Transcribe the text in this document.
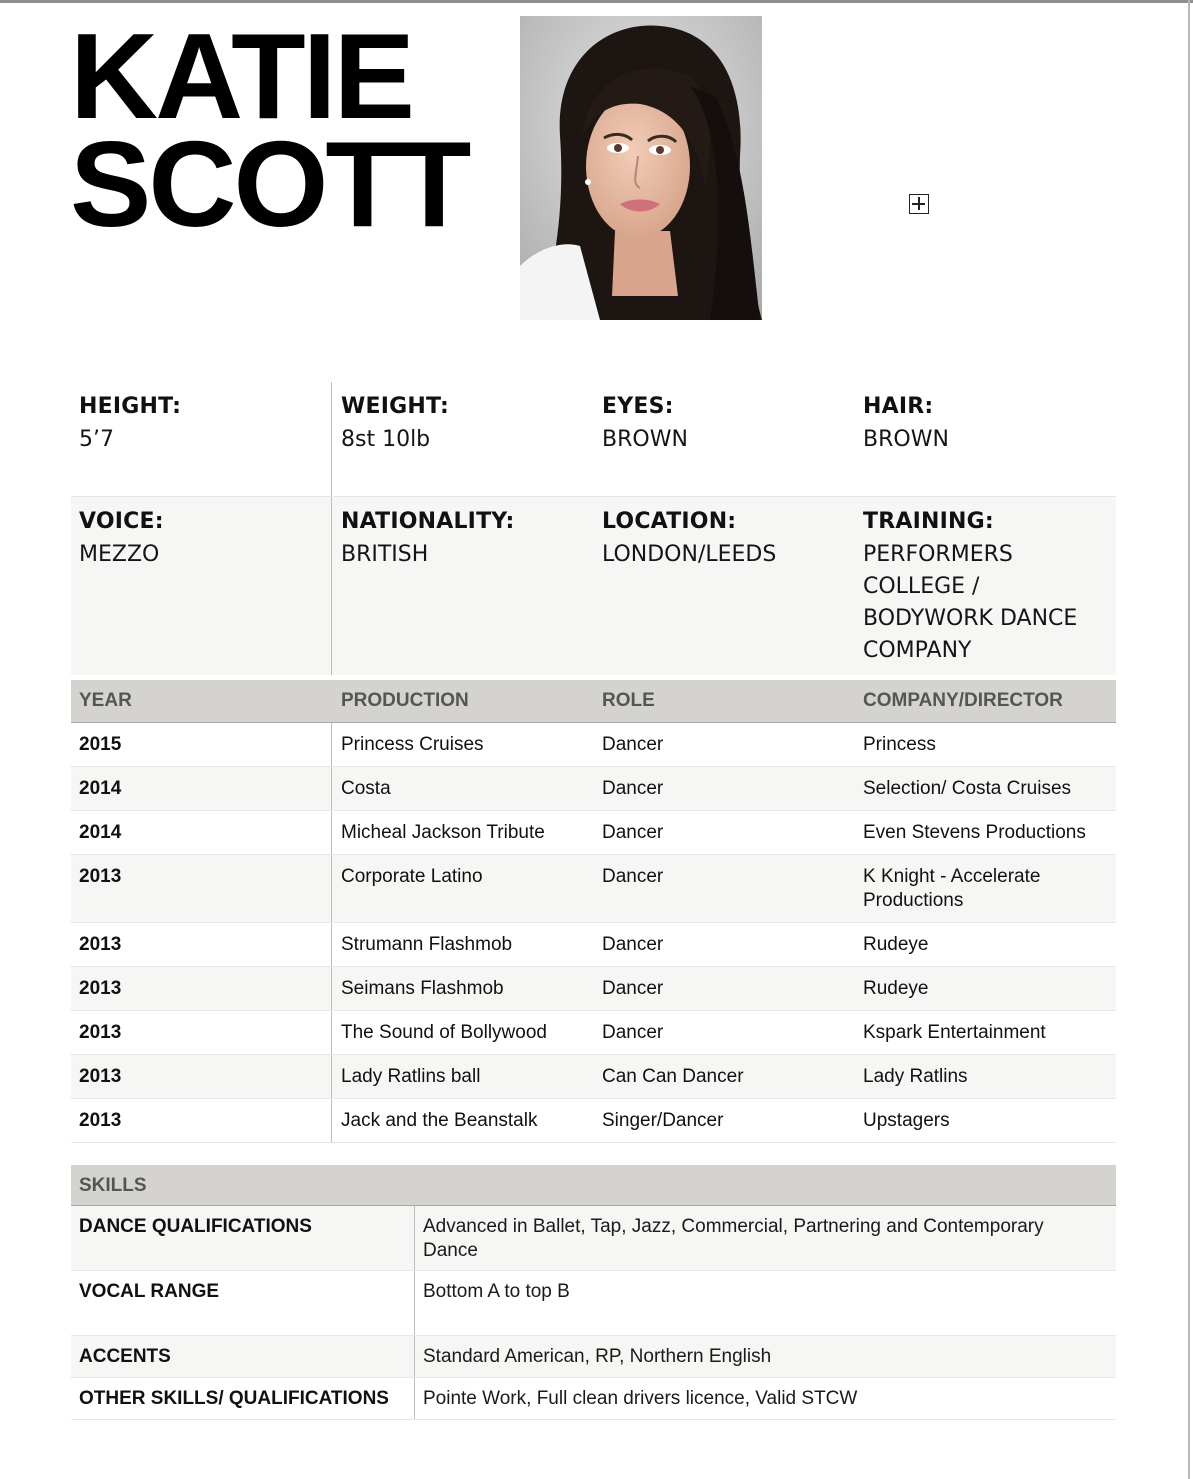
KATIE
SCOTT
HEIGHT:
5’7
WEIGHT:
8st 10lb
EYES:
BROWN
HAIR:
BROWN
VOICE:
MEZZO
NATIONALITY:
BRITISH
LOCATION:
LONDON/LEEDS
TRAINING:
PERFORMERS COLLEGE / BODYWORK DANCE COMPANY
YEAR	PRODUCTION	ROLE	COMPANY/DIRECTOR
2015	Princess Cruises	Dancer	Princess
2014	Costa	Dancer	Selection/ Costa Cruises
2014	Micheal Jackson Tribute	Dancer	Even Stevens Productions
2013	Corporate Latino	Dancer	K Knight - Accelerate Productions
2013	Strumann Flashmob	Dancer	Rudeye
2013	Seimans Flashmob	Dancer	Rudeye
2013	The Sound of Bollywood	Dancer	Kspark Entertainment
2013	Lady Ratlins ball	Can Can Dancer	Lady Ratlins
2013	Jack and the Beanstalk	Singer/Dancer	Upstagers
SKILLS
DANCE QUALIFICATIONS	Advanced in Ballet, Tap, Jazz, Commercial, Partnering and Contemporary Dance
VOCAL RANGE	Bottom A to top B
ACCENTS	Standard American, RP, Northern English
OTHER SKILLS/ QUALIFICATIONS	Pointe Work, Full clean drivers licence, Valid STCW
